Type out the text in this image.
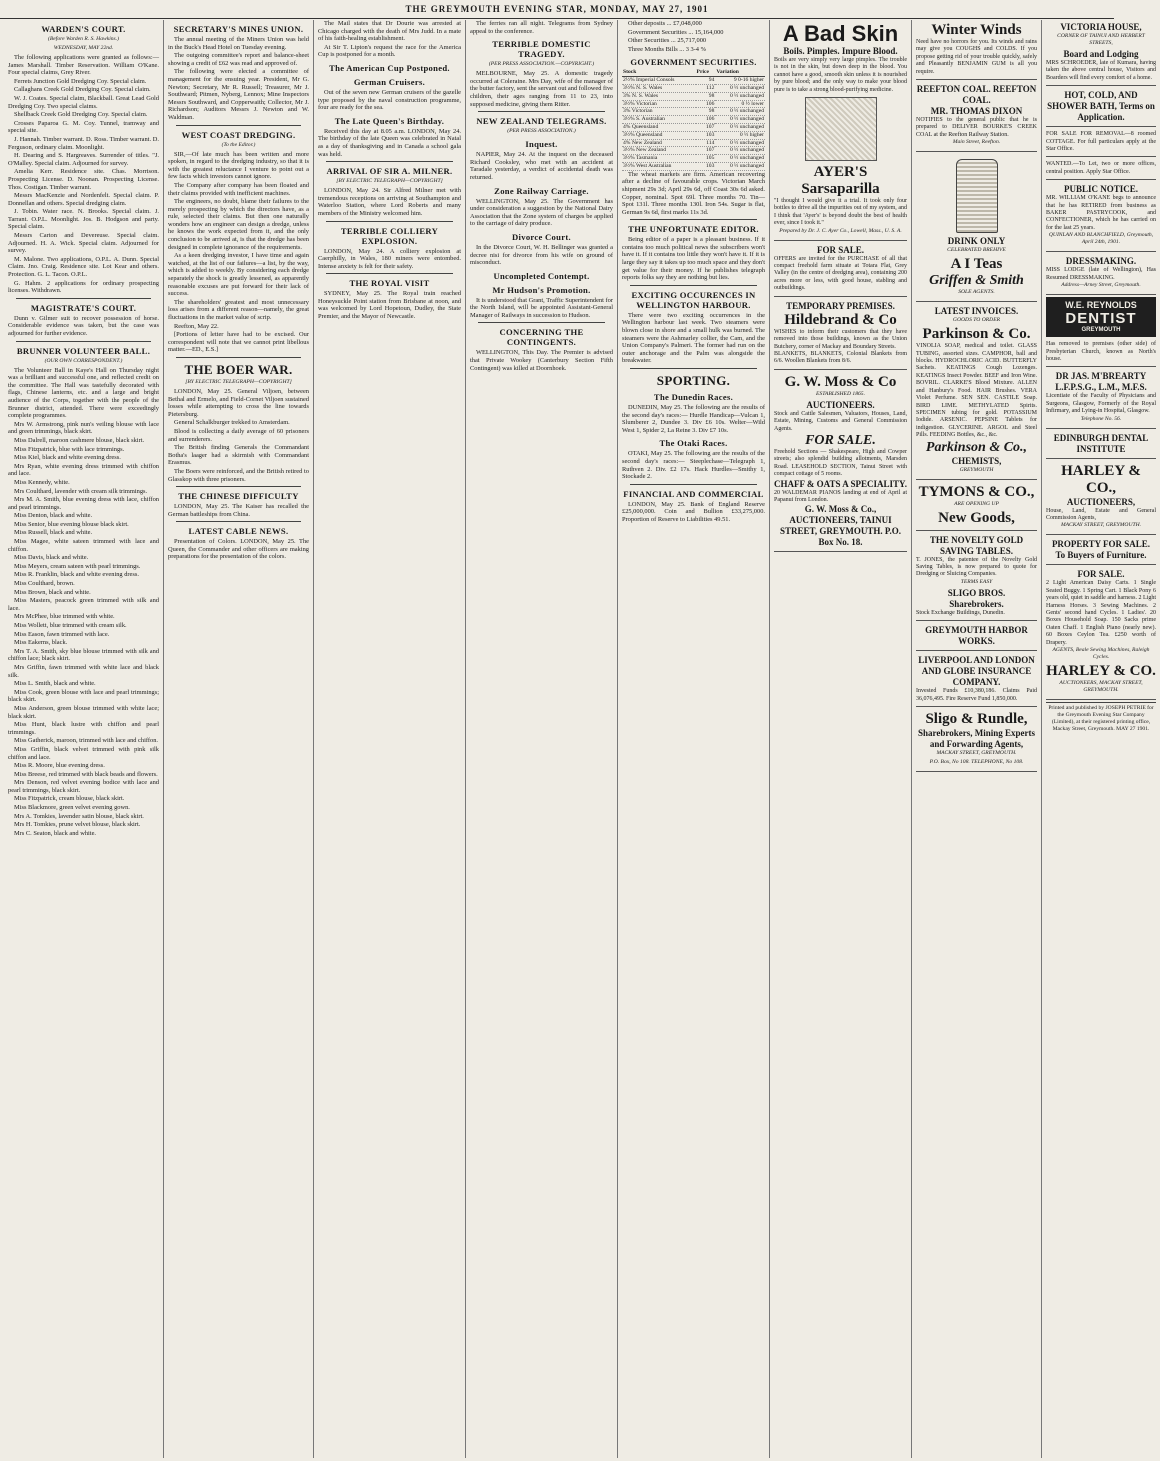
THE GREYMOUTH EVENING STAR, MONDAY, MAY 27, 1901
WARDEN'S COURT.
(Before Warden R. S. Hawkins.)
WEDNESDAY, MAY 22nd.

The following applications were granted as follows:— James Marshall. Timber Reservation. William O'Kane. Four special claims, Grey River.

Ferrets Junction Gold Dredging Coy. Special claim.

Callaghans Creek Gold Dredging Coy. Special claim.

W. J. Coates. Special claim, Blackball. Great Lead Gold Dredging Coy. Two special claims.

Shellback Creek Gold Dredging Coy. Special claim.

Crosses Paparoa G. M. Coy. Tunnel, tramway and special site.

J. Hannah. Timber warrant. D. Ross. Timber warrant. D. Ferguson, ordinary claim. Moonlight.

H. Dearing and S. Hargreaves. Surrender of titles. "J. O'Malley. Special claim. Adjourned for survey.

Amelia Kerr. Residence site. Chas. Morrison. Prospecting License. D. Noonan. Prospecting License. Thos. Costigan. Timber warrant.

Messrs MacKenzie and Nordenfelt. Special claim. P. Donnellan and others. Special dredging claim.

J. Tobin. Water race. N. Brooks. Special claim. J. Tarrant. O.P.L. Moonlight. Jos. B. Hodgson and party. Special claim.

Messrs Carton and Devereuse. Special claim. Adjourned. H. A. Wick. Special claim. Adjourned for survey.

M. Malone. Two applications, O.P.L. A. Dunn. Special Claim. Jno. Craig. Residence site. Lot Kear and others. Protection. G. L. Tacon. O.P.L.

G. Hahm. 2 applications for ordinary prospecting licenses. Withdrawn.

MAGISTRATE'S COURT.

Dunn v. Gilmer suit to recover possession of horse. Considerable evidence was taken, but the case was adjourned for further evidence.

BRUNNER VOLUNTEER BALL.
(OUR OWN CORRESPONDENT.)

The Volunteer Ball in Kaye's Hall on Thursday night was a brilliant and successful one, and reflected credit on the committee. The Hall was tastefully decorated with flags, Chinese lanterns, etc. and a large and bright audience of the Corps, together with the people of the Brunner district, attended. There were exceedingly complete programmes.

Mrs W. Armstrong, pink nun's veiling blouse with lace and green trimmings, black skirt.

Miss Dalrell, maroon cashmere blouse, black skirt.

Miss Fitzpatrick, blue with lace trimmings.

Miss Kiel, black and white evening dress.

Mrs Ryan, white evening dress trimmed with chiffon and lace.

Miss Kennedy, white.

Mrs Coulthard, lavender with cream silk trimmings.

Mrs M. A. Smith, blue evening dress with lace, chiffon and pearl trimmings.

Miss Denton, black and white.

Miss Senior, blue evening blouse black skirt.

Miss Russell, black and white.

Miss Magee, white sateen trimmed with lace and chiffon.

Miss Davis, black and white.

Miss Meyers, cream sateen with pearl trimmings.

Miss R. Franklin, black and white evening dress.

Miss Coulthard, brown.

Miss Brown, black and white.

Miss Masters, peacock green trimmed with silk and lace.

Mrs McPhee, blue trimmed with white.

Miss Wollett, blue trimmed with cream silk.

Miss Eason, fawn trimmed with lace.

Miss Eakerns, black.

Mrs T. A. Smith, sky blue blouse trimmed with silk and chiffon lace; black skirt.

Mrs Griffin, fawn trimmed with white lace and black silk.

Miss L. Smith, black and white.

Miss Cook, green blouse with lace and pearl trimmings; black skirt.

Miss Anderson, green blouse trimmed with white lace; black skirt.

Miss Hunt, black lustre with chiffon and pearl trimmings.

Miss Gatherick, maroon, trimmed with lace and chiffon.

Miss Griffin, black velvet trimmed with pink silk chiffon and lace.

Miss R. Moore, blue evening dress.

Miss Breese, red trimmed with black beads and flowers.

Mrs Denson, red velvet evening bodice with lace and pearl trimmings, black skirt.

Miss Fitzpatrick, cream blouse, black skirt.

Miss Blackmore, green velvet evening gown.

Mrs A. Tomkies, lavender satin blouse, black skirt.

Mrs H. Tomkies, prune velvet blouse, black skirt.

Mrs C. Seaton, black and white.

SECRETARY'S MINES UNION.

The annual meeting of the Miners Union was held in the Buck's Head Hotel on Tuesday evening.

The outgoing committee's report and balance-sheet showing a credit of £62 was read and approved of.

The following were elected a committee of management for the ensuing year. President, Mr G. Newton; Secretary, Mr R. Russell; Treasurer, Mr J. Southward; Pitmen, Nyberg, Lennox; Mine Inspectors Messrs Southward, and Copperwaith; Collector, Mr J. Richardson; Auditors Messrs J. Newton and W. Waldman.

WEST COAST DREDGING.
(To the Editor.)

SIR,—Of late much has been written and more spoken, in regard to the dredging industry, so that it is with the greatest reluctance I venture to point out a few facts which investors cannot ignore.

The Company after company has been floated and their claims provided with inefficient machines.

The engineers, no doubt, blame their failures to the merely prospecting by which the directors have, as a rule, selected their claims. But then one naturally wonders how an engineer can design a dredge, unless he knows the work expected from it, and the only conclusion to be arrived at, is that the dredge has been designed in complete ignorance of the requirements.

As a keen dredging investor, I have time and again watched, at the list of our failures—a list, by the way, which is added to weekly. By considering each dredge separately the shock is greatly lessened, as apparently reasonable excuses are put forward for their lack of success.

The shareholders' greatest and most unnecessary loss arises from a different reason—namely, the great fluctuations in the market value of scrip.

Reefton, May 22.

[Portions of letter have had to be excised. Our correspondent will note that we cannot print libellous matter.—ED., E.S.]

THE BOER WAR.
[BY ELECTRIC TELEGRAPH—COPYRIGHT]

LONDON, May 25. General Viljoen, between Bethal and Ermelo, and Field-Cornet Viljoen sustained losses while attempting to cross the line towards Pietersburg.

General Schalkburger trekked to Amsterdam.

Blood is collecting a daily average of 60 prisoners and surrenderers.

The British finding Generals the Commandant Botha's laager had a skirmish with Commandant Erasmus.

The Boers were reinforced, and the British retired to Glasskop with three prisoners.

THE CHINESE DIFFICULTY

LONDON, May 25. The Kaiser has recalled the German battleships from China.

LATEST CABLE NEWS.

Presentation of Colors. LONDON, May 25. The Queen, the Commander and other officers are making preparations for the presentation of the colors.

The Mail states that Dr Dourie was arrested at Chicago charged with the death of Mrs Judd. In a mate of his faith-healing establishment.

At Sir T. Lipton's request the race for the America Cup is postponed for a month.

The American Cup Postponed.
German Cruisers.

Out of the seven new German cruisers of the gazelle type proposed by the naval construction programme, four are ready for the sea.

The Late Queen's Birthday.

Received this day at 8.05 a.m. LONDON, May 24. The birthday of the late Queen was celebrated in Natal as a day of thanksgiving and in Canada a school gala was held.

ARRIVAL OF SIR A. MILNER.
[BY ELECTRIC TELEGRAPH—COPYRIGHT]

LONDON, May 24. Sir Alfred Milner met with tremendous receptions on arriving at Southampton and Waterloo Station, where Lord Roberts and many members of the Ministry welcomed him.

TERRIBLE COLLIERY EXPLOSION.

LONDON, May 24. A colliery explosion at Caerphilly, in Wales, 180 miners were entombed. Intense anxiety is felt for their safety.

THE ROYAL VISIT

SYDNEY, May 25. The Royal train reached Honeysuckle Point station from Brisbane at noon, and was welcomed by Lord Hopetoun, Dudley, the State Premier, and the Mayor of Newcastle.

The ferries ran all night. Telegrams from Sydney appeal to the conference.

TERRIBLE DOMESTIC TRAGEDY.
(PER PRESS ASSOCIATION.—COPYRIGHT.)

MELBOURNE, May 25. A domestic tragedy occurred at Coleraine. Mrs Day, wife of the manager of the butter factory, sent the servant out and followed five children, their ages ranging from 11 to 23, into supposed medicine, giving them Ritter.

NEW ZEALAND TELEGRAMS.
(PER PRESS ASSOCIATION.)
Inquest.

NAPIER, May 24. At the inquest on the deceased Richard Cooksley, who met with an accident at Taradale yesterday, a verdict of accidental death was returned.

Zone Railway Carriage.

WELLINGTON, May 25. The Government has under consideration a suggestion by the National Dairy Association that the Zone system of charges be applied to the carriage of dairy produce.

Divorce Court.

In the Divorce Court, W. H. Bellinger was granted a decree nisi for divorce from his wife on ground of misconduct.

Uncompleted Contempt.
Mr Hudson's Promotion.

It is understood that Grant, Traffic Superintendent for the North Island, will be appointed Assistant-General Manager of Railways in succession to Hudson.

CONCERNING THE CONTINGENTS.

WELLINGTON, This Day. The Premier is advised that Private Wookey (Canterbury Section Fifth Contingent) was killed at Doornhoek.

Other deposits ... £7,048,000

Government Securities ... 15,164,000

Other Securities ... 25,717,000

Three Months Bills ... 3 3-4 %

GOVERNMENT SECURITIES.
Stock	Price	Variation
2½% Imperial Consols	94	9 0-16 higher
3½% N. S. Wales	112	0 ½ unchanged
3% N. S. Wales	98	0 ½ unchanged
3½% Victorian	106	0 ½ lower
3% Victorian	98	0 ½ unchanged
3½% S. Australian	106	0 ½ unchanged
4% Queensland	107	0 ½ unchanged
3½% Queensland	103	0 ½ higher
4% New Zealand	114	0 ½ unchanged
3½% New Zealand	107	0 ½ unchanged
3½% Tasmania	105	0 ½ unchanged
3½% West Australian	103	0 ½ unchanged

The wheat markets are firm. American recovering after a decline of favourable crops. Victorian March shipment 29s 3d; April 29s 6d, off Coast 30s 6d asked. Copper, nominal. Spot 69l. Three months 70. Tin—Spot 131l. Three months 130l. Iron 54s. Sugar is flat, German 9s 6d, first marks 11s 3d.

THE UNFORTUNATE EDITOR.

Being editor of a paper is a pleasant business. If it contains too much political news the subscribers won't have it. If it contains too little they won't have it. If it is large they say it takes up too much space and they don't get value for their money. If he publishes telegraph reports folks say they are nothing but lies.

EXCITING OCCURENCES IN WELLINGTON HARBOUR.

There were two exciting occurrences in the Wellington harbour last week. Two steamers were blown close in shore and a small hulk was burned. The steamers were the Ashmarley collier, the Cam, and the Union Company's Palmeri. The former had run on the outer anchorage and the Palm was alongside the breakwater.

SPORTING.
The Dunedin Races.

DUNEDIN, May 25. The following are the results of the second day's races:— Hurdle Handicap—Vulcan 1, Slumberer 2, Dundee 3. Div £6 10s. Welter—Wild West 1, Spider 2, La Reine 3. Div £7 10s.

The Otaki Races.

OTAKI, May 25. The following are the results of the second day's races:— Steeplechase—Telegraph 1, Ruthven 2. Div. £2 17s. Hack Hurdles—Smithy 1, Stockade 2.

FINANCIAL AND COMMERCIAL

LONDON, May 25. Bank of England Reserve £25,000,000. Coin and Bullion £33,275,000. Proportion of Reserve to Liabilities 49.51.

A Bad Skin
Boils. Pimples. Impure Blood.
Boils are very simply very large pimples. The trouble is not in the skin, but down deep in the blood. You cannot have a good, smooth skin unless it is nourished by pure blood; and the only way to make your blood pure is to take a strong blood-purifying medicine.
AYER'S Sarsaparilla
"I thought I would give it a trial. It took only four bottles to drive all the impurities out of my system, and I think that 'Ayer's' is beyond doubt the best of health ever, since I took it."
Prepared by Dr. J. C. Ayer Co., Lowell, Mass., U. S. A.
FOR SALE.
OFFERS are invited for the PURCHASE of all that compact freehold farm situate at Totara Flat, Grey Valley (in the centre of dredging area), containing 200 acres more or less, with good house, stabling and outbuildings.
TEMPORARY PREMISES.
Hildebrand & Co
WISHES to inform their customers that they have removed into those buildings, known as the Union Butchery, corner of Mackay and Boundary Streets.
BLANKETS, BLANKETS, Colonial Blankets from 6/6. Woollen Blankets from 8/6.
G. W. Moss & Co
ESTABLISHED 1865.
AUCTIONEERS.
Stock and Cattle Salesmen, Valuators, Houses, Land, Estate, Mining, Customs and General Commission Agents.
FOR SALE.
Freehold Sections — Shakespeare, High and Cowper streets; also splendid building allotments, Marsden Road. LEASEHOLD SECTION, Tainui Street with compact cottage of 5 rooms.
CHAFF & OATS A SPECIALITY.
20 WALDEMAR PIANOS landing at end of April at Papanui from London.
G. W. Moss & Co., AUCTIONEERS, TAINUI STREET, GREYMOUTH. P.O. Box No. 18.
Winter Winds
Need have no horrors for you. Its winds and rains may give you COUGHS and COLDS. If you propose getting rid of your trouble quickly, safely and Pleasantly BENJAMIN GUM is all you require.
REEFTON COAL. REEFTON COAL.
MR. THOMAS DIXON
NOTIFIES to the general public that he is prepared to DELIVER BOURKE'S CREEK COAL at the Reefton Railway Station.
Main Street, Reefton.
DRINK ONLY
CELEBRATED BREHIVE
A I Teas
Griffen & Smith
SOLE AGENTS.
LATEST INVOICES.
GOODS TO ORDER
Parkinson & Co.
VINOLIA SOAP, medical and toilet. GLASS TUBING, assorted sizes. CAMPHOR, ball and blocks. HYDROCHLORIC ACID. BUTTERFLY Sachets. KEATINGS Cough Lozenges. KEATINGS Insect Powder. BEEF and Iron Wine. BOVRIL. CLARKE'S Blood Mixture. ALLEN and Hanbury's Food. HAIR Brushes. VERA Violet Perfume. SEN SEN. CASTILE Soap. BIRD LIME. METHYLATED Spirits. SPECIMEN tubing for gold. POTASSIUM Iodide. ARSENIC. PEPSINE Tablets for indigestion. GLYCERINE. ARGOL and Steel Pills. FEEDING Bottles, &c., &c.
Parkinson & Co.,
CHEMISTS,
GREYMOUTH
TYMONS & CO.,
ARE OPENING UP
New Goods,
THE NOVELTY GOLD SAVING TABLES.
T. JONES, the patentee of the Novelty Gold Saving Tables, is now prepared to quote for Dredging or Sluicing Companies.
TERMS EASY
SLIGO BROS.
Sharebrokers.
Stock Exchange Buildings, Dunedin.
GREYMOUTH HARBOR WORKS.
LIVERPOOL AND LONDON AND GLOBE INSURANCE COMPANY.
Invested Funds £10,380,186. Claims Paid 36,076,495. Fire Reserve Fund 1,850,000.
Sligo & Rundle,
Sharebrokers, Mining Experts and Forwarding Agents,
MACKAY STREET, GREYMOUTH.
P.O. Box, No 108. TELEPHONE, No 108.
VICTORIA HOUSE,
CORNER OF TAINUI AND HERBERT STREETS,
Board and Lodging
MRS SCHROEDER, late of Kumara, having taken the above central house, Visitors and Boarders will find every comfort of a home.
HOT, COLD, AND SHOWER BATH, Terms on Application.
FOR SALE FOR REMOVAL—8 roomed COTTAGE. For full particulars apply at the Star Office.
WANTED.—To Let, two or more offices, central position. Apply Star Office.
PUBLIC NOTICE.
MR. WILLIAM O'KANE begs to announce that he has RETIRED from business as BAKER PASTRYCOOK, and CONFECTIONER, which he has carried on for the last 25 years.
QUINLAN AND BLANCHFIELD, Greymouth, April 24th, 1901.
DRESSMAKING.
MISS LODGE (late of Wellington), Has Resumed DRESSMAKING.
Address—Arney Street, Greymouth.
W.E. REYNOLDS
DENTIST
GREYMOUTH
Has removed to premises (other side) of Presbyterian Church, known as North's house.
DR JAS. M'BREARTY L.F.P.S.G., L.M., M.F.S.
Licentiate of the Faculty of Physicians and Surgeons, Glasgow, Formerly of the Royal Infirmary, and Lying-in Hospital, Glasgow.
Telephone No. 56.
EDINBURGH DENTAL INSTITUTE
HARLEY & CO.,
AUCTIONEERS,
House, Land, Estate and General Commission Agents,
MACKAY STREET, GREYMOUTH.
PROPERTY FOR SALE.
To Buyers of Furniture.
FOR SALE.
2 Light American Daisy Carts. 1 Single Seated Buggy. 1 Spring Cart. 1 Black Pony 6 years old, quiet in saddle and harness. 2 Light Harness Horses. 3 Sewing Machines. 2 Gents' second hand Cycles. 1 Ladies'. 20 Boxes Household Soap. 150 Sacks prime Oaten Chaff. 1 English Piano (nearly new). 60 Boxes Ceylon Tea. £250 worth of Drapery.
AGENTS, Beale Sewing Machines, Raleigh Cycles.
HARLEY & CO.
AUCTIONEERS, MACKAY STREET, GREYMOUTH.
Printed and published by JOSEPH PETRIE for the Greymouth Evening Star Company (Limited), at their registered printing office, Mackay Street, Greymouth. MAY 27 1901.
